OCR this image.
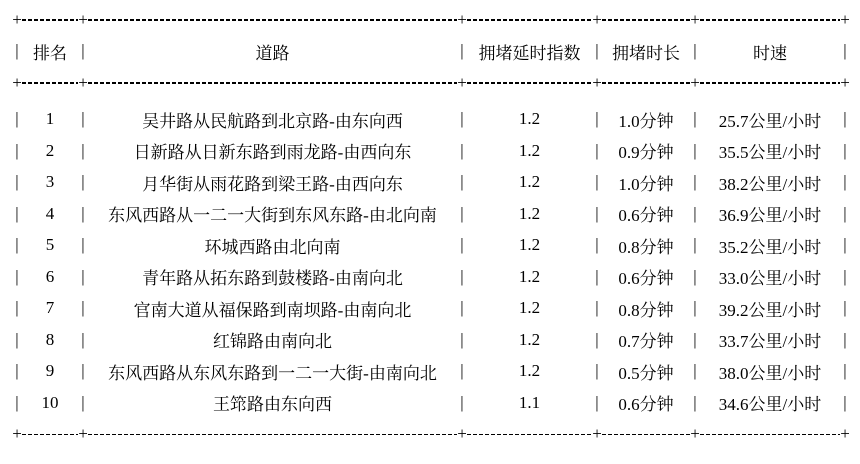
+	+	+	+	+	+
| 排名 |	道路	| 拥堵延时指数 | 拥堵时长 |	时速	|
+	+	+	+	+	+
|	1	|	吴井路从民航路到北京路-由东向西	|	1.2	|	1.0分钟	|	25.7公里/小时	|
|	2	|	日新路从日新东路到雨龙路-由西向东	|	1.2	|	0.9分钟	|	35.5公里/小时	|
|	3	|	月华街从雨花路到梁王路-由西向东	|	1.2	|	1.0分钟	|	38.2公里/小时	|
|	4	|	东风西路从一二一大街到东风东路-由北向南	|	1.2	|	0.6分钟	|	36.9公里/小时	|
|	5	|	环城西路由北向南	|	1.2	|	0.8分钟	|	35.2公里/小时	|
|	6	|	青年路从拓东路到鼓楼路-由南向北	|	1.2	|	0.6分钟	|	33.0公里/小时	|
|	7	|	官南大道从福保路到南坝路-由南向北	|	1.2	|	0.8分钟	|	39.2公里/小时	|
|	8	|	红锦路由南向北	|	1.2	|	0.7分钟	|	33.7公里/小时	|
|	9	|	东风西路从东风东路到一二一大街-由南向北	|	1.2	|	0.5分钟	|	38.0公里/小时	|
|	10	|	王筇路由东向西	|	1.1	|	0.6分钟	|	34.6公里/小时	|
+	+	+	+	+	+
